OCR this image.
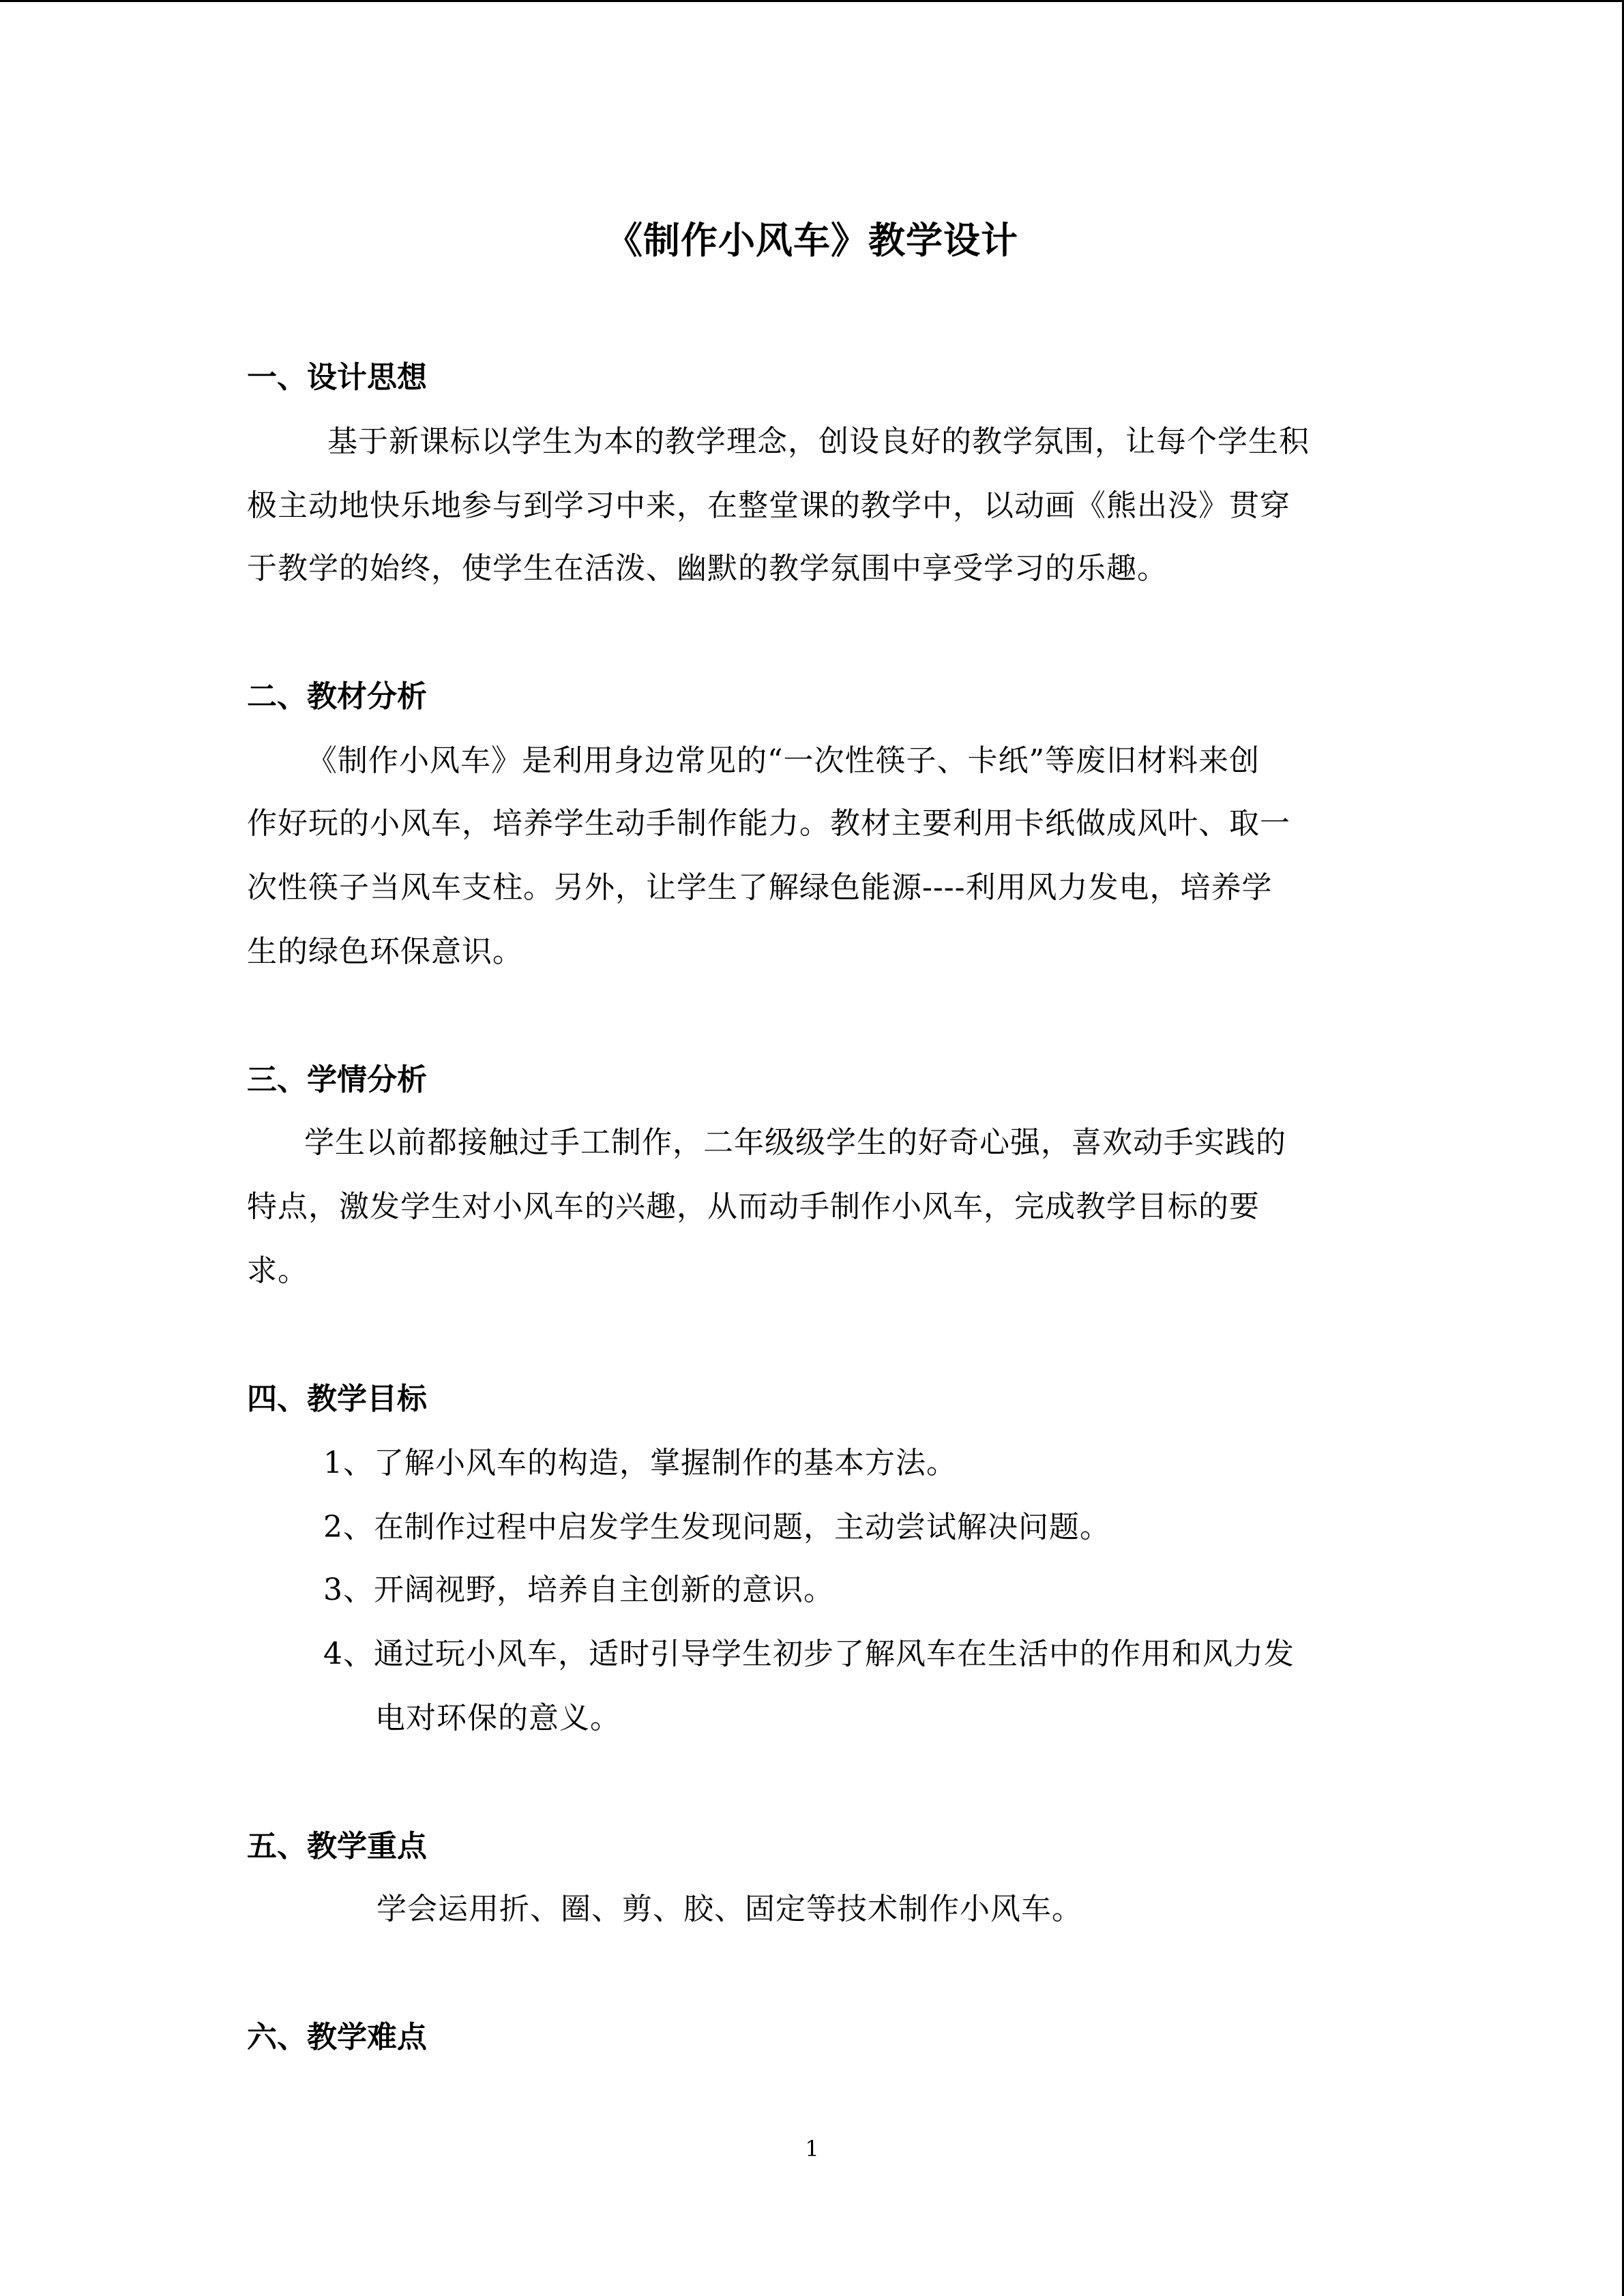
《制作小风车》教学设计
一、设计思想
基于新课标以学生为本的教学理念，创设良好的教学氛围，让每个学生积
极主动地快乐地参与到学习中来，在整堂课的教学中，以动画《熊出没》贯穿
于教学的始终，使学生在活泼、幽默的教学氛围中享受学习的乐趣。
二、教材分析
《制作小风车》是利用身边常见的“一次性筷子、卡纸”等废旧材料来创
作好玩的小风车，培养学生动手制作能力。教材主要利用卡纸做成风叶、取一
次性筷子当风车支柱。另外，让学生了解绿色能源----利用风力发电，培养学
生的绿色环保意识。
三、学情分析
学生以前都接触过手工制作，二年级级学生的好奇心强，喜欢动手实践的
特点，激发学生对小风车的兴趣，从而动手制作小风车，完成教学目标的要
求。
四、教学目标
1、了解小风车的构造，掌握制作的基本方法。
2、在制作过程中启发学生发现问题，主动尝试解决问题。
3、开阔视野，培养自主创新的意识。
4、通过玩小风车，适时引导学生初步了解风车在生活中的作用和风力发
电对环保的意义。
五、教学重点
学会运用折、圈、剪、胶、固定等技术制作小风车。
六、教学难点
1
